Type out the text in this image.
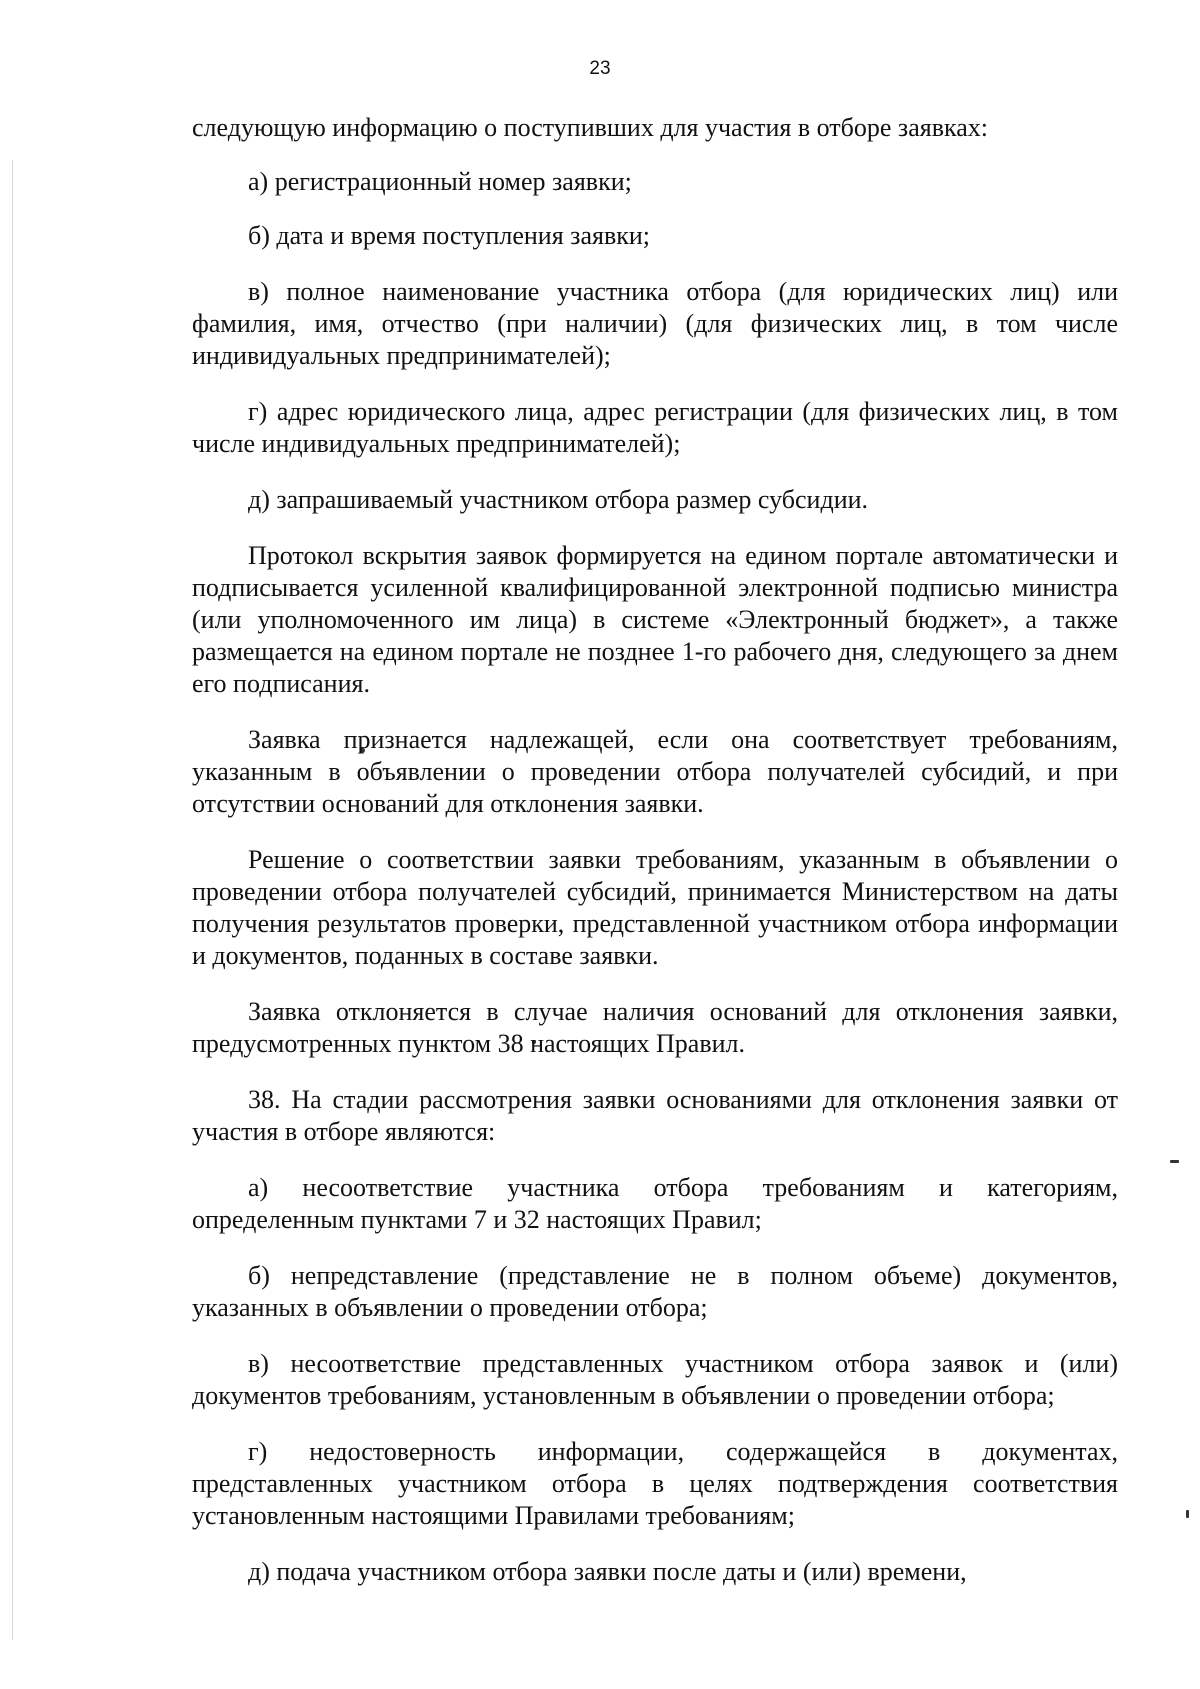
23

следующую информацию о поступивших для участия в отборе заявках:

а) регистрационный номер заявки;

б) дата и время поступления заявки;

в) полное наименование участника отбора (для юридических лиц) или фамилия, имя, отчество (при наличии) (для физических лиц, в том числе индивидуальных предпринимателей);

г) адрес юридического лица, адрес регистрации (для физических лиц, в том числе индивидуальных предпринимателей);

д) запрашиваемый участником отбора размер субсидии.

Протокол вскрытия заявок формируется на едином портале автоматически и подписывается усиленной квалифицированной электронной подписью министра (или уполномоченного им лица) в системе «Электронный бюджет», а также размещается на едином портале не позднее 1-го рабочего дня, следующего за днем его подписания.

Заявка признается надлежащей, если она соответствует требованиям, указанным в объявлении о проведении отбора получателей субсидий, и при отсутствии оснований для отклонения заявки.

Решение о соответствии заявки требованиям, указанным в объявлении о проведении отбора получателей субсидий, принимается Министерством на даты получения результатов проверки, представленной участником отбора информации и документов, поданных в составе заявки.

Заявка отклоняется в случае наличия оснований для отклонения заявки, предусмотренных пунктом 38 настоящих Правил.

38. На стадии рассмотрения заявки основаниями для отклонения заявки от участия в отборе являются:

а) несоответствие участника отбора требованиям и категориям, определенным пунктами 7 и 32 настоящих Правил;

б) непредставление (представление не в полном объеме) документов, указанных в объявлении о проведении отбора;

в) несоответствие представленных участником отбора заявок и (или) документов требованиям, установленным в объявлении о проведении отбора;

г) недостоверность информации, содержащейся в документах, представленных участником отбора в целях подтверждения соответствия установленным настоящими Правилами требованиям;

д) подача участником отбора заявки после даты и (или) времени,
